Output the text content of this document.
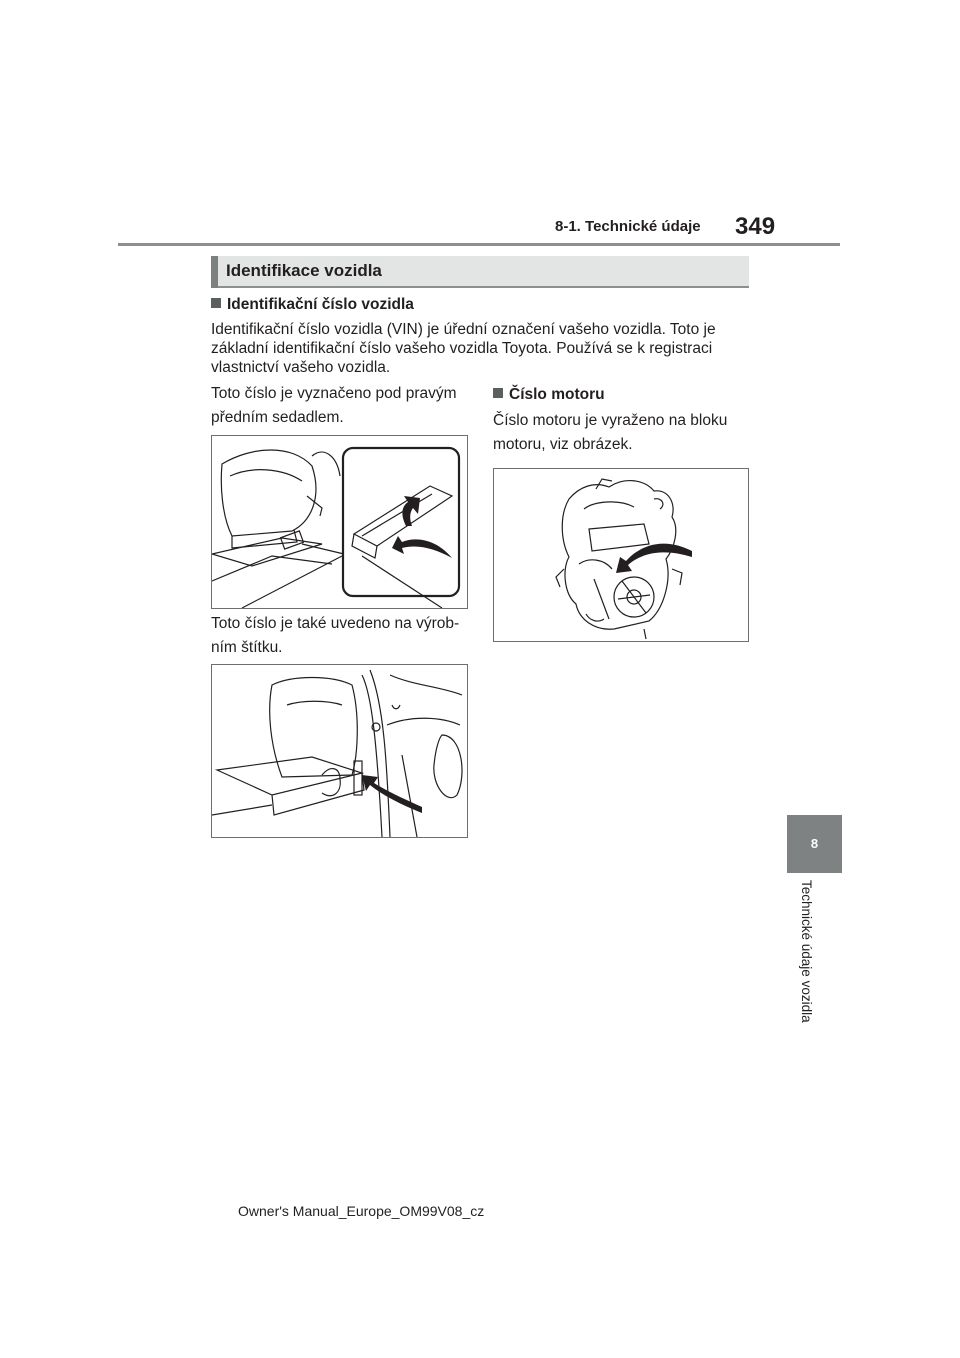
8-1. Technické údaje 349
Identifikace vozidla
Identifikační číslo vozidla
Identifikační číslo vozidla (VIN) je úřední označení vašeho vozidla. Toto je
základní identifikační číslo vašeho vozidla Toyota. Používá se k registraci
vlastnictví vašeho vozidla.
Toto číslo je vyznačeno pod pravým
předním sedadlem.
Toto číslo je také uvedeno na výrob-
ním štítku.
Číslo motoru
Číslo motoru je vyraženo na bloku
motoru, viz obrázek.
8
Technické údaje vozidla
Owner's Manual_Europe_OM99V08_cz
